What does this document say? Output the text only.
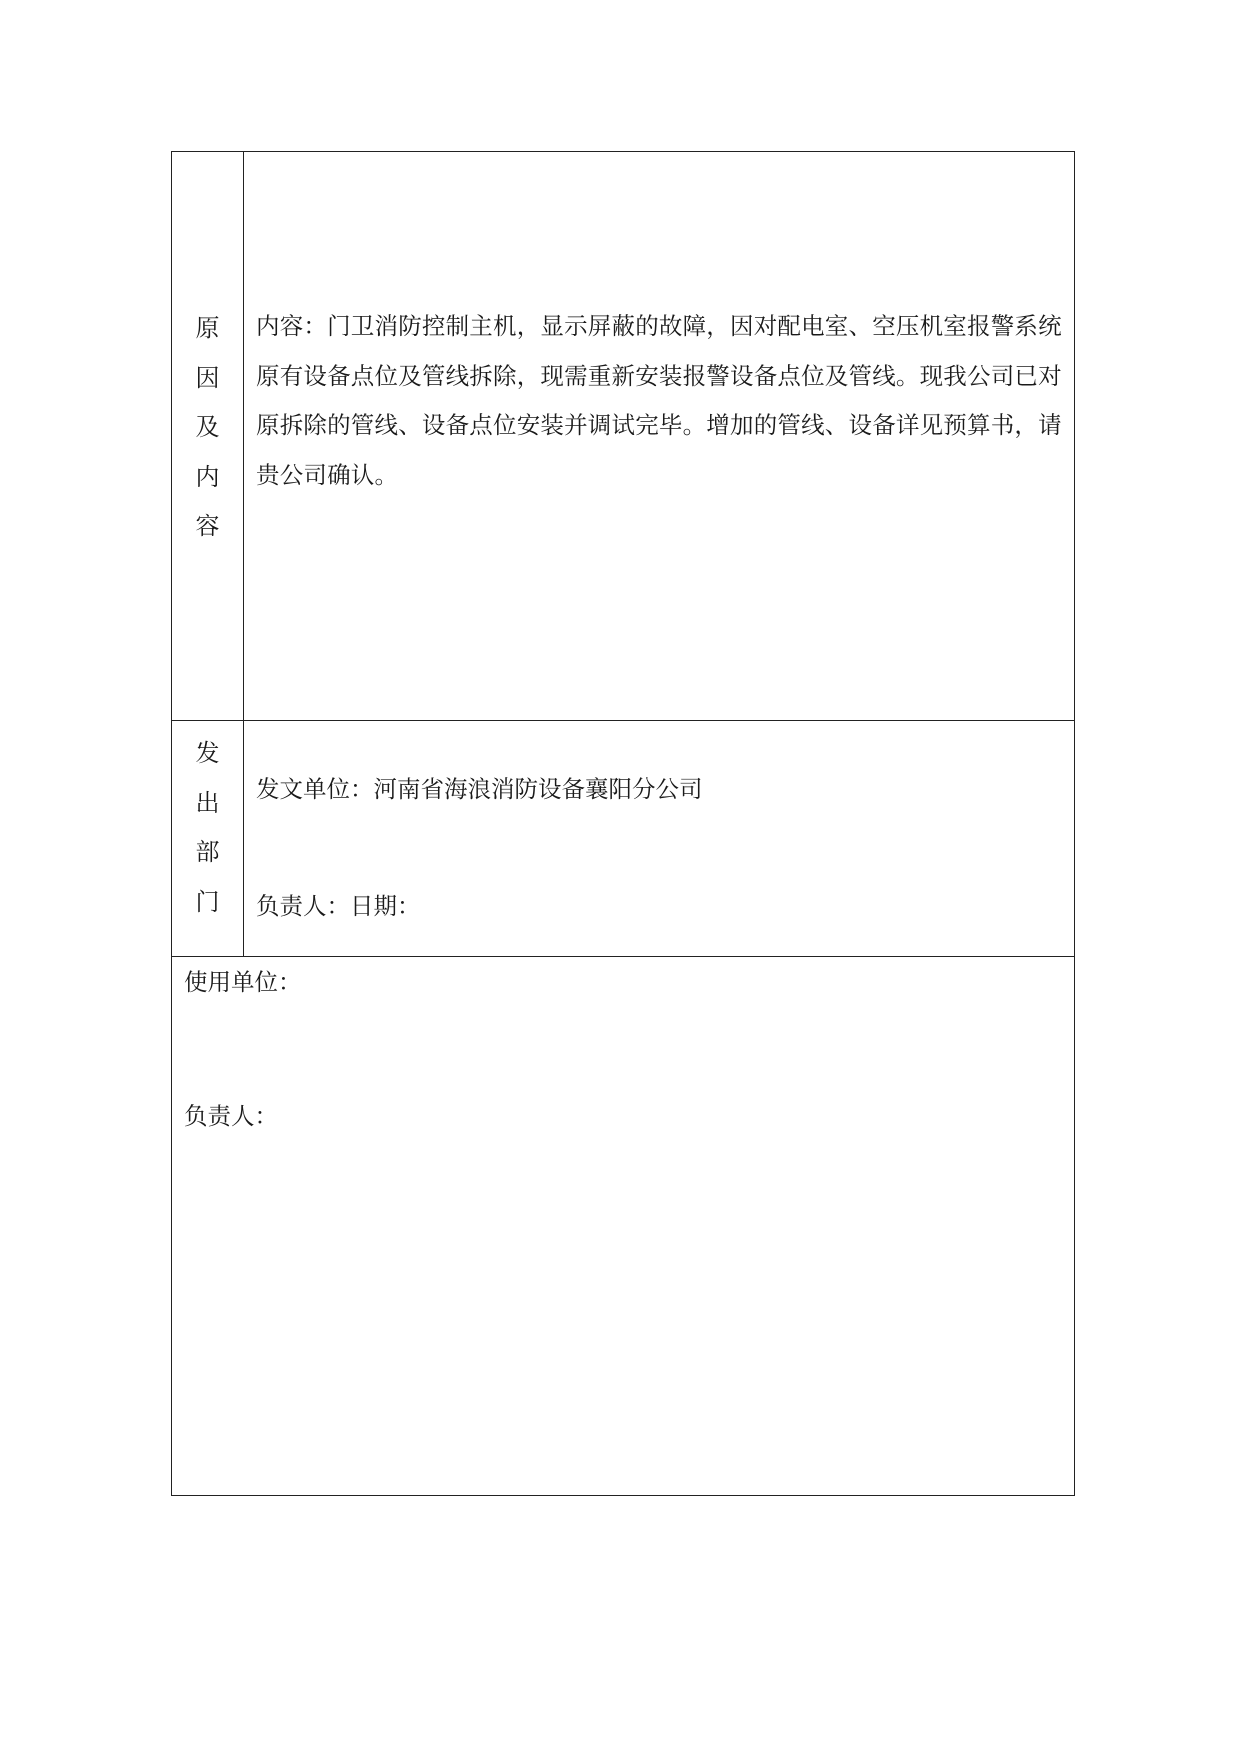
原
因
及
内
容
内容：门卫消防控制主机，显示屏蔽的故障，因对配电室、空压机室报警系统原有设备点位及管线拆除，现需重新安装报警设备点位及管线。现我公司已对原拆除的管线、设备点位安装并调试完毕。增加的管线、设备详见预算书，请贵公司确认。
发
出
部
门
发文单位：河南省海浪消防设备襄阳分公司
负责人：日期：
使用单位：
负责人：
